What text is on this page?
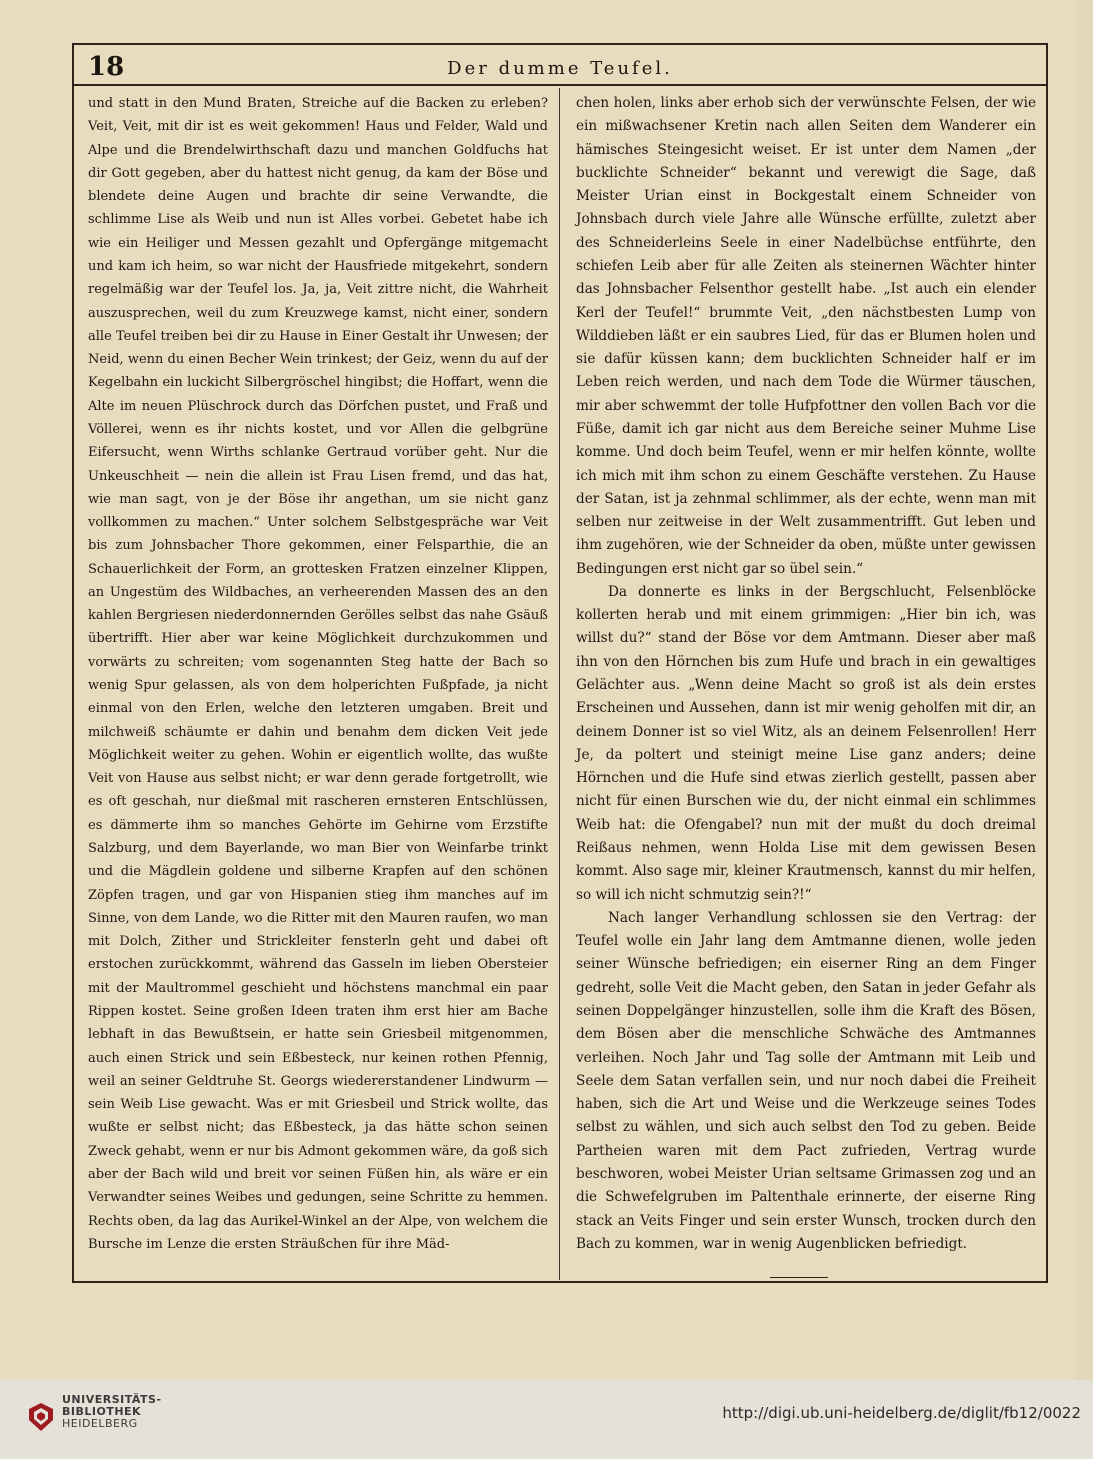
18	Der dumme Teufel.

und statt in den Mund Braten, Streiche auf die Backen zu erleben? Veit, Veit, mit dir ist es weit gekommen! Haus und Felder, Wald und Alpe und die Brendelwirthschaft dazu und manchen Goldfuchs hat dir Gott gegeben, aber du hattest nicht genug, da kam der Böse und blendete deine Augen und brachte dir seine Verwandte, die schlimme Lise als Weib und nun ist Alles vorbei. Gebetet habe ich wie ein Heiliger und Messen gezahlt und Opfergänge mitgemacht und kam ich heim, so war nicht der Hausfriede mitgekehrt, sondern regelmäßig war der Teufel los. Ja, ja, Veit zittre nicht, die Wahrheit auszusprechen, weil du zum Kreuzwege kamst, nicht einer, sondern alle Teufel treiben bei dir zu Hause in Einer Gestalt ihr Unwesen; der Neid, wenn du einen Becher Wein trinkest; der Geiz, wenn du auf der Kegelbahn ein luckicht Silbergröschel hingibst; die Hoffart, wenn die Alte im neuen Plüschrock durch das Dörfchen pustet, und Fraß und Völlerei, wenn es ihr nichts kostet, und vor Allen die gelbgrüne Eifersucht, wenn Wirths schlanke Gertraud vorüber geht. Nur die Unkeuschheit — nein die allein ist Frau Lisen fremd, und das hat, wie man sagt, von je der Böse ihr angethan, um sie nicht ganz vollkommen zu machen.“ Unter solchem Selbstgespräche war Veit bis zum Johnsbacher Thore gekommen, einer Felsparthie, die an Schauerlichkeit der Form, an grottesken Fratzen einzelner Klippen, an Ungestüm des Wildbaches, an verheerenden Massen des an den kahlen Bergriesen niederdonnernden Gerölles selbst das nahe Gsäuß übertrifft. Hier aber war keine Möglichkeit durchzukommen und vorwärts zu schreiten; vom sogenannten Steg hatte der Bach so wenig Spur gelassen, als von dem holperichten Fußpfade, ja nicht einmal von den Erlen, welche den letzteren umgaben. Breit und milchweiß schäumte er dahin und benahm dem dicken Veit jede Möglichkeit weiter zu gehen. Wohin er eigentlich wollte, das wußte Veit von Hause aus selbst nicht; er war denn gerade fortgetrollt, wie es oft geschah, nur dießmal mit rascheren ernsteren Entschlüssen, es dämmerte ihm so manches Gehörte im Gehirne vom Erzstifte Salzburg, und dem Bayerlande, wo man Bier von Weinfarbe trinkt und die Mägdlein goldene und silberne Krapfen auf den schönen Zöpfen tragen, und gar von Hispanien stieg ihm manches auf im Sinne, von dem Lande, wo die Ritter mit den Mauren raufen, wo man mit Dolch, Zither und Strickleiter fensterln geht und dabei oft erstochen zurückkommt, während das Gasseln im lieben Obersteier mit der Maultrommel geschieht und höchstens manchmal ein paar Rippen kostet. Seine großen Ideen traten ihm erst hier am Bache lebhaft in das Bewußtsein, er hatte sein Griesbeil mitgenommen, auch einen Strick und sein Eßbesteck, nur keinen rothen Pfennig, weil an seiner Geldtruhe St. Georgs wiedererstandener Lindwurm — sein Weib Lise gewacht. Was er mit Griesbeil und Strick wollte, das wußte er selbst nicht; das Eßbesteck, ja das hätte schon seinen Zweck gehabt, wenn er nur bis Admont gekommen wäre, da goß sich aber der Bach wild und breit vor seinen Füßen hin, als wäre er ein Verwandter seines Weibes und gedungen, seine Schritte zu hemmen. Rechts oben, da lag das Aurikel-Winkel an der Alpe, von welchem die Bursche im Lenze die ersten Sträußchen für ihre Mäd-

chen holen, links aber erhob sich der verwünschte Felsen, der wie ein mißwachsener Kretin nach allen Seiten dem Wanderer ein hämisches Steingesicht weiset. Er ist unter dem Namen „der bucklichte Schneider“ bekannt und verewigt die Sage, daß Meister Urian einst in Bockgestalt einem Schneider von Johnsbach durch viele Jahre alle Wünsche erfüllte, zuletzt aber des Schneiderleins Seele in einer Nadelbüchse entführte, den schiefen Leib aber für alle Zeiten als steinernen Wächter hinter das Johnsbacher Felsenthor gestellt habe. „Ist auch ein elender Kerl der Teufel!“ brummte Veit, „den nächstbesten Lump von Wilddieben läßt er ein saubres Lied, für das er Blumen holen und sie dafür küssen kann; dem bucklichten Schneider half er im Leben reich werden, und nach dem Tode die Würmer täuschen, mir aber schwemmt der tolle Hufpfottner den vollen Bach vor die Füße, damit ich gar nicht aus dem Bereiche seiner Muhme Lise komme. Und doch beim Teufel, wenn er mir helfen könnte, wollte ich mich mit ihm schon zu einem Geschäfte verstehen. Zu Hause der Satan, ist ja zehnmal schlimmer, als der echte, wenn man mit selben nur zeitweise in der Welt zusammentrifft. Gut leben und ihm zugehören, wie der Schneider da oben, müßte unter gewissen Bedingungen erst nicht gar so übel sein.“

Da donnerte es links in der Bergschlucht, Felsenblöcke kollerten herab und mit einem grimmigen: „Hier bin ich, was willst du?“ stand der Böse vor dem Amtmann. Dieser aber maß ihn von den Hörnchen bis zum Hufe und brach in ein gewaltiges Gelächter aus. „Wenn deine Macht so groß ist als dein erstes Erscheinen und Aussehen, dann ist mir wenig geholfen mit dir, an deinem Donner ist so viel Witz, als an deinem Felsenrollen! Herr Je, da poltert und steinigt meine Lise ganz anders; deine Hörnchen und die Hufe sind etwas zierlich gestellt, passen aber nicht für einen Burschen wie du, der nicht einmal ein schlimmes Weib hat: die Ofengabel? nun mit der mußt du doch dreimal Reißaus nehmen, wenn Holda Lise mit dem gewissen Besen kommt. Also sage mir, kleiner Krautmensch, kannst du mir helfen, so will ich nicht schmutzig sein?!“

Nach langer Verhandlung schlossen sie den Vertrag: der Teufel wolle ein Jahr lang dem Amtmanne dienen, wolle jeden seiner Wünsche befriedigen; ein eiserner Ring an dem Finger gedreht, solle Veit die Macht geben, den Satan in jeder Gefahr als seinen Doppelgänger hinzustellen, solle ihm die Kraft des Bösen, dem Bösen aber die menschliche Schwäche des Amtmannes verleihen. Noch Jahr und Tag solle der Amtmann mit Leib und Seele dem Satan verfallen sein, und nur noch dabei die Freiheit haben, sich die Art und Weise und die Werkzeuge seines Todes selbst zu wählen, und sich auch selbst den Tod zu geben. Beide Partheien waren mit dem Pact zufrieden, Vertrag wurde beschworen, wobei Meister Urian seltsame Grimassen zog und an die Schwefelgruben im Paltenthale erinnerte, der eiserne Ring stack an Veits Finger und sein erster Wunsch, trocken durch den Bach zu kommen, war in wenig Augenblicken befriedigt.

UNIVERSITÄTS-
BIBLIOTHEK
HEIDELBERG
http://digi.ub.uni-heidelberg.de/diglit/fb12/0022
